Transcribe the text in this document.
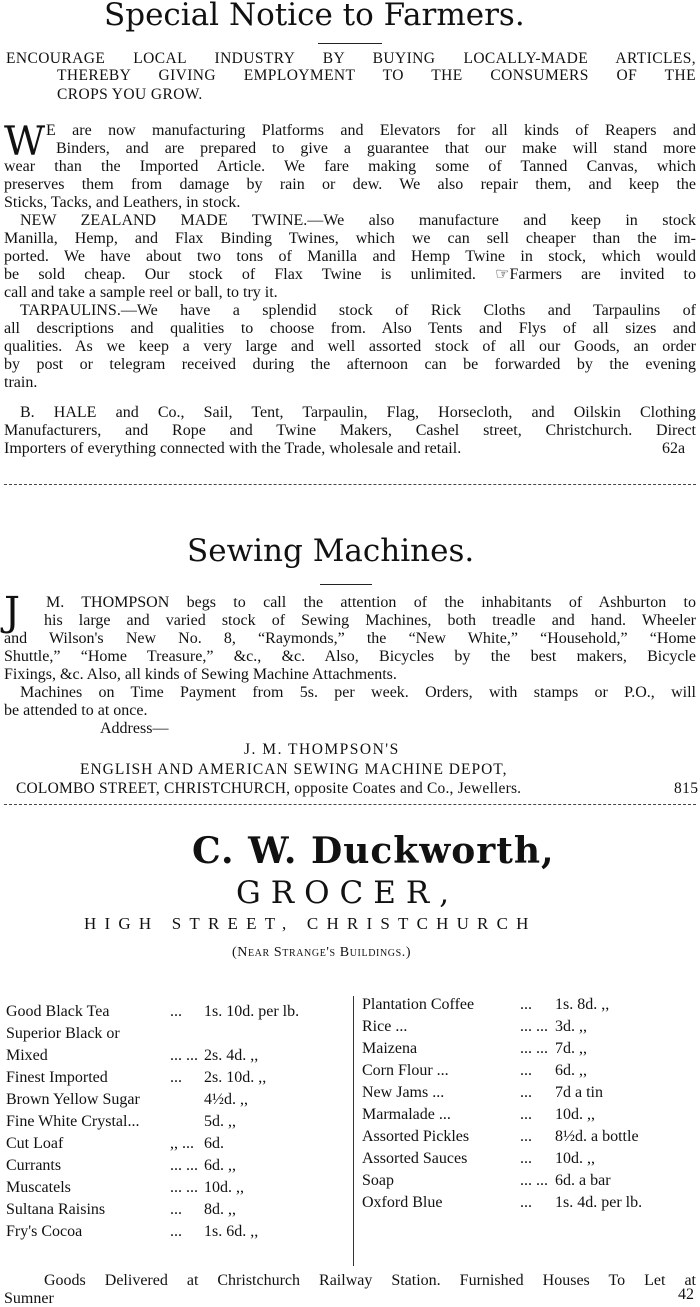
Special Notice to Farmers.
ENCOURAGE LOCAL INDUSTRY BY BUYING LOCALLY-MADE ARTICLES,
THEREBY GIVING EMPLOYMENT TO THE CONSUMERS OF THE
CROPS YOU GROW.
W E are now manufacturing Platforms and Elevators for all kinds of Reapers and
Binders, and are prepared to give a guarantee that our make will stand more
wear than the Imported Article. We fare making some of Tanned Canvas, which
preserves them from damage by rain or dew. We also repair them, and keep the
Sticks, Tacks, and Leathers, in stock.
NEW ZEALAND MADE TWINE.—We also manufacture and keep in stock
Manilla, Hemp, and Flax Binding Twines, which we can sell cheaper than the im-
ported. We have about two tons of Manilla and Hemp Twine in stock, which would
be sold cheap. Our stock of Flax Twine is unlimited. ☞Farmers are invited to
call and take a sample reel or ball, to try it.
TARPAULINS.—We have a splendid stock of Rick Cloths and Tarpaulins of
all descriptions and qualities to choose from. Also Tents and Flys of all sizes and
qualities. As we keep a very large and well assorted stock of all our Goods, an order
by post or telegram received during the afternoon can be forwarded by the evening
train.
B. HALE and Co., Sail, Tent, Tarpaulin, Flag, Horsecloth, and Oilskin Clothing
Manufacturers, and Rope and Twine Makers, Cashel street, Christchurch. Direct
Importers of everything connected with the Trade, wholesale and retail.	62a
Sewing Machines.
J M. THOMPSON begs to call the attention of the inhabitants of Ashburton to
his large and varied stock of Sewing Machines, both treadle and hand. Wheeler
and Wilson's New No. 8, “Raymonds,” the “New White,” “Household,” “Home
Shuttle,” “Home Treasure,” &c., &c. Also, Bicycles by the best makers, Bicycle
Fixings, &c. Also, all kinds of Sewing Machine Attachments.
Machines on Time Payment from 5s. per week. Orders, with stamps or P.O., will
be attended to at once.
Address—
J. M. THOMPSON'S
ENGLISH AND AMERICAN SEWING MACHINE DEPOT,
COLOMBO STREET, CHRISTCHURCH, opposite Coates and Co., Jewellers.	815
C. W. Duckworth,
GROCER,
HIGH STREET, CHRISTCHURCH
(Near Strange's Buildings.)
Good Black Tea	... 1s. 10d. per lb.
Superior Black or
Mixed	... ... 2s. 4d. ,,
Finest Imported	... 2s. 10d. ,,
Brown Yellow Sugar	4½d. ,,
Fine White Crystal...	5d. ,,
Cut Loaf	,, ... 6d.
Currants	... ... 6d. ,,
Muscatels	... ... 10d. ,,
Sultana Raisins	... 8d. ,,
Fry's Cocoa	... 1s. 6d. ,,
Plantation Coffee	... 1s. 8d. ,,
Rice ...	... ... 3d. ,,
Maizena	... ... 7d. ,,
Corn Flour ...	... 6d. ,,
New Jams ...	... 7d a tin
Marmalade ...	... 10d. ,,
Assorted Pickles	... 8½d. a bottle
Assorted Sauces	... 10d. ,,
Soap	... ... 6d. a bar
Oxford Blue	... 1s. 4d. per lb.
Goods Delivered at Christchurch Railway Station. Furnished Houses To Let at
Sumner	42
